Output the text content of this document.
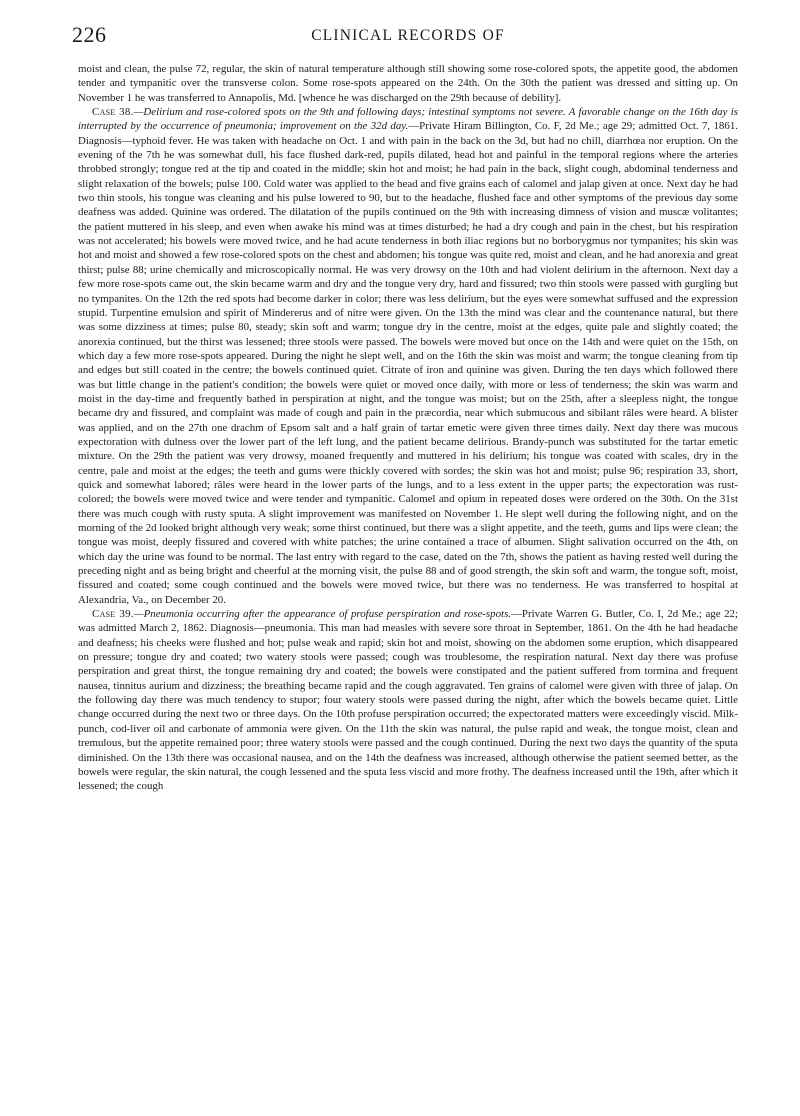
226	CLINICAL RECORDS OF

moist and clean, the pulse 72, regular, the skin of natural temperature although still showing some rose-colored spots, the appetite good, the abdomen tender and tympanitic over the transverse colon. Some rose-spots appeared on the 24th. On the 30th the patient was dressed and sitting up. On November 1 he was transferred to Annapolis, Md. [whence he was discharged on the 29th because of debility].

Case 38.—Delirium and rose-colored spots on the 9th and following days; intestinal symptoms not severe. A favorable change on the 16th day is interrupted by the occurrence of pneumonia; improvement on the 32d day.—Private Hiram Billington, Co. F, 2d Me.; age 29; admitted Oct. 7, 1861. Diagnosis—typhoid fever. He was taken with headache on Oct. 1 and with pain in the back on the 3d, but had no chill, diarrhœa nor eruption. On the evening of the 7th he was somewhat dull, his face flushed dark-red, pupils dilated, head hot and painful in the temporal regions where the arteries throbbed strongly; tongue red at the tip and coated in the middle; skin hot and moist; he had pain in the back, slight cough, abdominal tenderness and slight relaxation of the bowels; pulse 100. Cold water was applied to the head and five grains each of calomel and jalap given at once. Next day he had two thin stools, his tongue was cleaning and his pulse lowered to 90, but to the headache, flushed face and other symptoms of the previous day some deafness was added. Quinine was ordered. The dilatation of the pupils continued on the 9th with increasing dimness of vision and muscæ volitantes; the patient muttered in his sleep, and even when awake his mind was at times disturbed; he had a dry cough and pain in the chest, but his respiration was not accelerated; his bowels were moved twice, and he had acute tenderness in both iliac regions but no borborygmus nor tympanites; his skin was hot and moist and showed a few rose-colored spots on the chest and abdomen; his tongue was quite red, moist and clean, and he had anorexia and great thirst; pulse 88; urine chemically and microscopically normal. He was very drowsy on the 10th and had violent delirium in the afternoon. Next day a few more rose-spots came out, the skin became warm and dry and the tongue very dry, hard and fissured; two thin stools were passed with gurgling but no tympanites. On the 12th the red spots had become darker in color; there was less delirium, but the eyes were somewhat suffused and the expression stupid. Turpentine emulsion and spirit of Mindererus and of nitre were given. On the 13th the mind was clear and the countenance natural, but there was some dizziness at times; pulse 80, steady; skin soft and warm; tongue dry in the centre, moist at the edges, quite pale and slightly coated; the anorexia continued, but the thirst was lessened; three stools were passed. The bowels were moved but once on the 14th and were quiet on the 15th, on which day a few more rose-spots appeared. During the night he slept well, and on the 16th the skin was moist and warm; the tongue cleaning from tip and edges but still coated in the centre; the bowels continued quiet. Citrate of iron and quinine was given. During the ten days which followed there was but little change in the patient's condition; the bowels were quiet or moved once daily, with more or less of tenderness; the skin was warm and moist in the day-time and frequently bathed in perspiration at night, and the tongue was moist; but on the 25th, after a sleepless night, the tongue became dry and fissured, and complaint was made of cough and pain in the præcordia, near which submucous and sibilant râles were heard. A blister was applied, and on the 27th one drachm of Epsom salt and a half grain of tartar emetic were given three times daily. Next day there was mucous expectoration with dulness over the lower part of the left lung, and the patient became delirious. Brandy-punch was substituted for the tartar emetic mixture. On the 29th the patient was very drowsy, moaned frequently and muttered in his delirium; his tongue was coated with scales, dry in the centre, pale and moist at the edges; the teeth and gums were thickly covered with sordes; the skin was hot and moist; pulse 96; respiration 33, short, quick and somewhat labored; râles were heard in the lower parts of the lungs, and to a less extent in the upper parts; the expectoration was rust-colored; the bowels were moved twice and were tender and tympanitic. Calomel and opium in repeated doses were ordered on the 30th. On the 31st there was much cough with rusty sputa. A slight improvement was manifested on November 1. He slept well during the following night, and on the morning of the 2d looked bright although very weak; some thirst continued, but there was a slight appetite, and the teeth, gums and lips were clean; the tongue was moist, deeply fissured and covered with white patches; the urine contained a trace of albumen. Slight salivation occurred on the 4th, on which day the urine was found to be normal. The last entry with regard to the case, dated on the 7th, shows the patient as having rested well during the preceding night and as being bright and cheerful at the morning visit, the pulse 88 and of good strength, the skin soft and warm, the tongue soft, moist, fissured and coated; some cough continued and the bowels were moved twice, but there was no tenderness. He was transferred to hospital at Alexandria, Va., on December 20.

Case 39.—Pneumonia occurring after the appearance of profuse perspiration and rose-spots.—Private Warren G. Butler, Co. I, 2d Me.; age 22; was admitted March 2, 1862. Diagnosis—pneumonia. This man had measles with severe sore throat in September, 1861. On the 4th he had headache and deafness; his cheeks were flushed and hot; pulse weak and rapid; skin hot and moist, showing on the abdomen some eruption, which disappeared on pressure; tongue dry and coated; two watery stools were passed; cough was troublesome, the respiration natural. Next day there was profuse perspiration and great thirst, the tongue remaining dry and coated; the bowels were constipated and the patient suffered from tormina and frequent nausea, tinnitus aurium and dizziness; the breathing became rapid and the cough aggravated. Ten grains of calomel were given with three of jalap. On the following day there was much tendency to stupor; four watery stools were passed during the night, after which the bowels became quiet. Little change occurred during the next two or three days. On the 10th profuse perspiration occurred; the expectorated matters were exceedingly viscid. Milk-punch, cod-liver oil and carbonate of ammonia were given. On the 11th the skin was natural, the pulse rapid and weak, the tongue moist, clean and tremulous, but the appetite remained poor; three watery stools were passed and the cough continued. During the next two days the quantity of the sputa diminished. On the 13th there was occasional nausea, and on the 14th the deafness was increased, although otherwise the patient seemed better, as the bowels were regular, the skin natural, the cough lessened and the sputa less viscid and more frothy. The deafness increased until the 19th, after which it lessened; the cough
